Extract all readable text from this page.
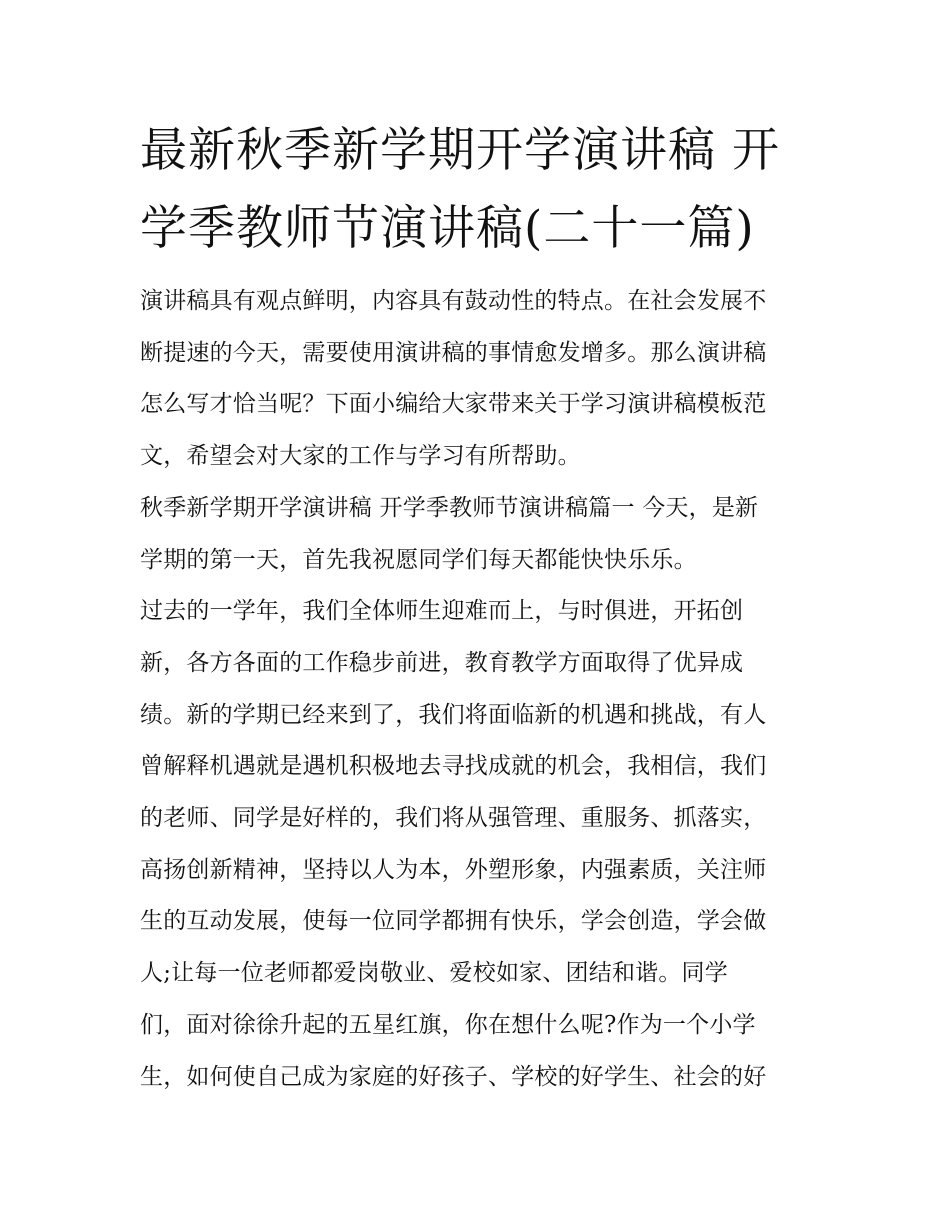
最新秋季新学期开学演讲稿 开
学季教师节演讲稿(二十一篇)
演讲稿具有观点鲜明，内容具有鼓动性的特点。在社会发展不
断提速的今天，需要使用演讲稿的事情愈发增多。那么演讲稿
怎么写才恰当呢？下面小编给大家带来关于学习演讲稿模板范
文，希望会对大家的工作与学习有所帮助。
秋季新学期开学演讲稿 开学季教师节演讲稿篇一 今天，是新
学期的第一天，首先我祝愿同学们每天都能快快乐乐。
过去的一学年，我们全体师生迎难而上，与时俱进，开拓创
新，各方各面的工作稳步前进，教育教学方面取得了优异成
绩。新的学期已经来到了，我们将面临新的机遇和挑战，有人
曾解释机遇就是遇机积极地去寻找成就的机会，我相信，我们
的老师、同学是好样的，我们将从强管理、重服务、抓落实，
高扬创新精神，坚持以人为本，外塑形象，内强素质，关注师
生的互动发展，使每一位同学都拥有快乐，学会创造，学会做
人;让每一位老师都爱岗敬业、爱校如家、团结和谐。同学
们，面对徐徐升起的五星红旗，你在想什么呢?作为一个小学
生，如何使自己成为家庭的好孩子、学校的好学生、社会的好
